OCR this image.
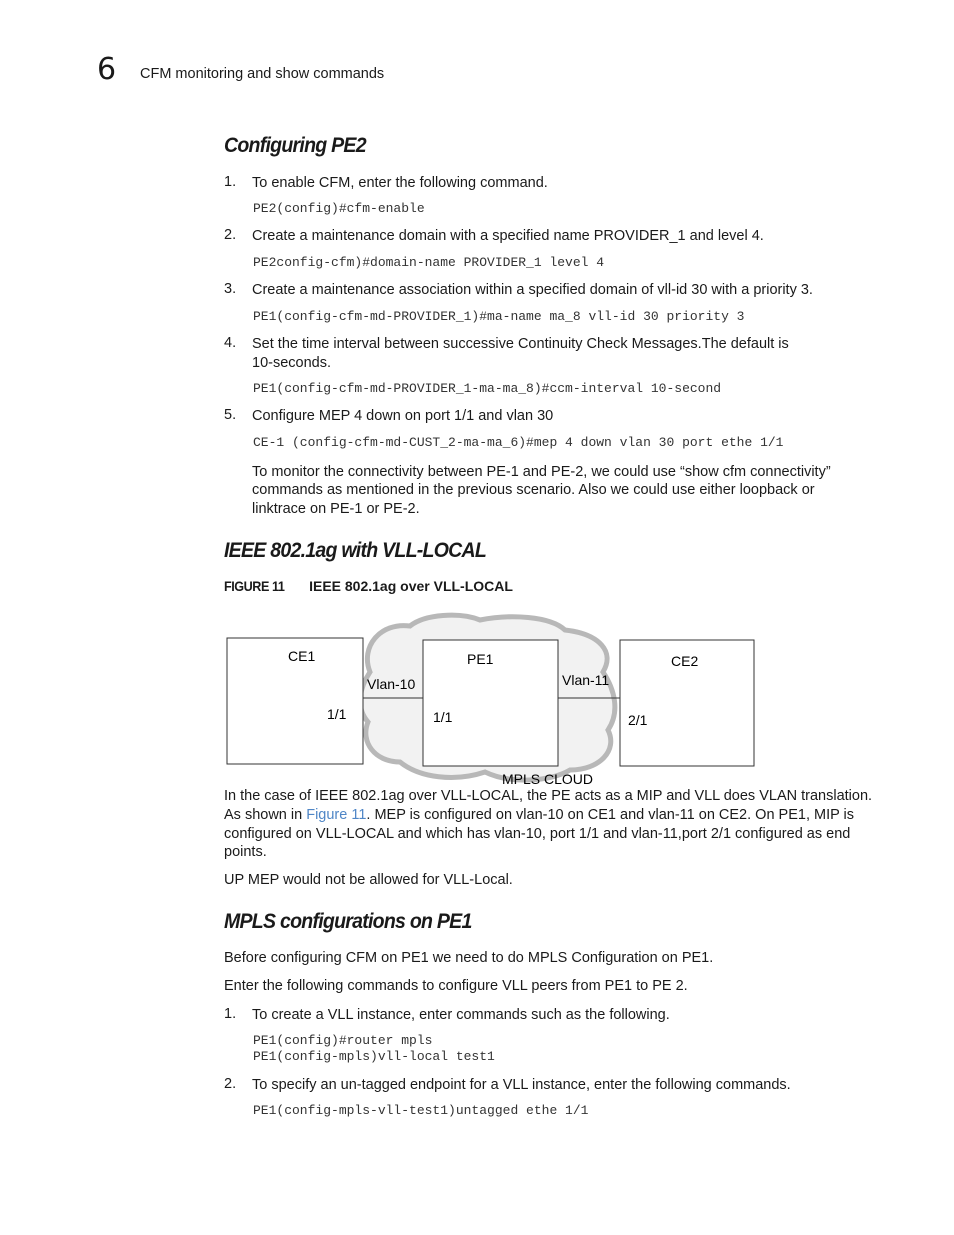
6 CFM monitoring and show commands
Configuring PE2
1. To enable CFM, enter the following command.
PE2(config)#cfm-enable
2. Create a maintenance domain with a specified name PROVIDER_1 and level 4.
PE2config-cfm)#domain-name PROVIDER_1 level 4
3. Create a maintenance association within a specified domain of vll-id 30 with a priority 3.
PE1(config-cfm-md-PROVIDER_1)#ma-name ma_8 vll-id 30 priority 3
4. Set the time interval between successive Continuity Check Messages.The default is
10-seconds.
PE1(config-cfm-md-PROVIDER_1-ma-ma_8)#ccm-interval 10-second
5. Configure MEP 4 down on port 1/1 and vlan 30
CE-1 (config-cfm-md-CUST_2-ma-ma_6)#mep 4 down vlan 30 port ethe 1/1
To monitor the connectivity between PE-1 and PE-2, we could use “show cfm connectivity”
commands as mentioned in the previous scenario. Also we could use either loopback or
linktrace on PE-1 or PE-2.
IEEE 802.1ag with VLL-LOCAL
FIGURE 11 IEEE 802.1ag over VLL-LOCAL
CE1
1/1
PE1
1/1
CE2
2/1
Vlan-10	Vlan-11
MPLS CLOUD
In the case of IEEE 802.1ag over VLL-LOCAL, the PE acts as a MIP and VLL does VLAN translation.
As shown in Figure 11. MEP is configured on vlan-10 on CE1 and vlan-11 on CE2. On PE1, MIP is
configured on VLL-LOCAL and which has vlan-10, port 1/1 and vlan-11,port 2/1 configured as end
points.
UP MEP would not be allowed for VLL-Local.
MPLS configurations on PE1
Before configuring CFM on PE1 we need to do MPLS Configuration on PE1.
Enter the following commands to configure VLL peers from PE1 to PE 2.
1. To create a VLL instance, enter commands such as the following.
PE1(config)#router mpls
PE1(config-mpls)vll-local test1
2. To specify an un-tagged endpoint for a VLL instance, enter the following commands.
PE1(config-mpls-vll-test1)untagged ethe 1/1
